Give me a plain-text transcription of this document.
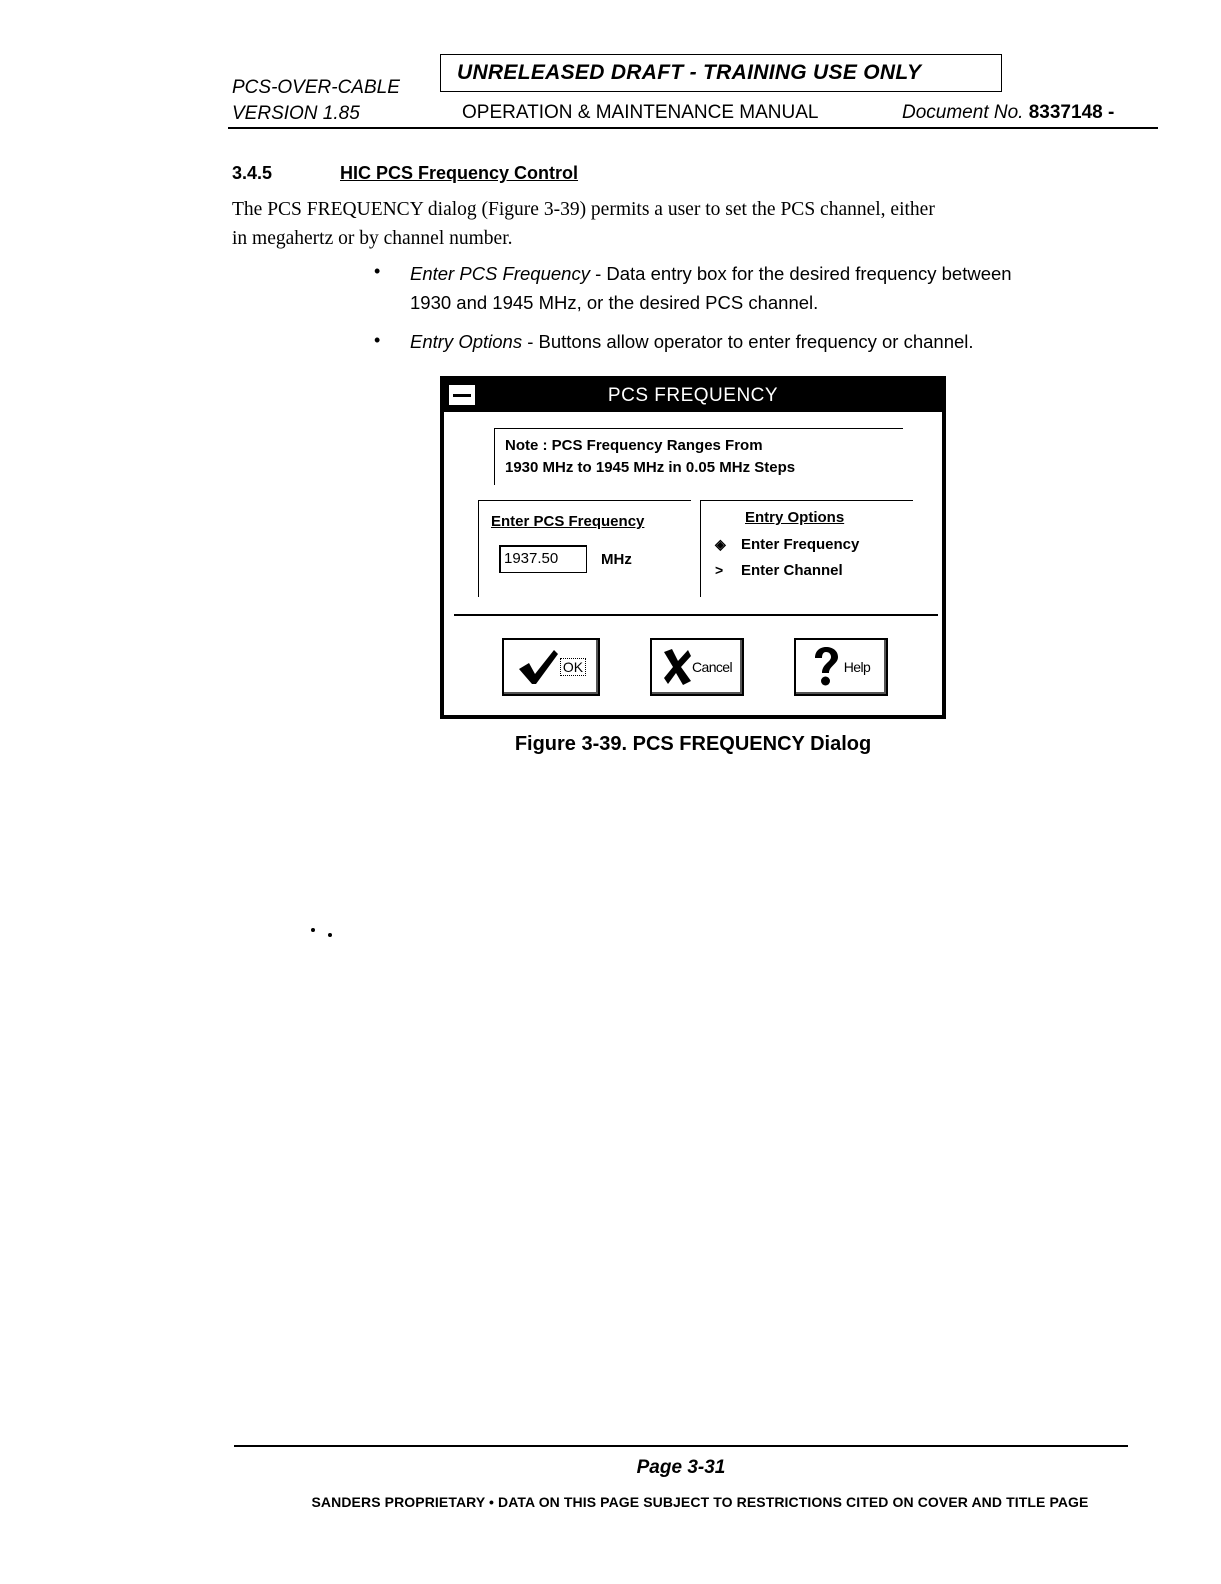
PCS-OVER-CABLE
VERSION 1.85
UNRELEASED DRAFT - TRAINING USE ONLY
OPERATION & MAINTENANCE MANUAL	Document No. 8337148 -
3.4.5	HIC PCS Frequency Control
The PCS FREQUENCY dialog (Figure 3-39) permits a user to set the PCS channel, either
in megahertz or by channel number.
• Enter PCS Frequency - Data entry box for the desired frequency between
1930 and 1945 MHz, or the desired PCS channel.
• Entry Options - Buttons allow operator to enter frequency or channel.
PCS FREQUENCY
Note : PCS Frequency Ranges From
1930 MHz to 1945 MHz in 0.05 MHz Steps
Enter PCS Frequency
1937.50	MHz
Entry Options
◈ Enter Frequency
> Enter Channel
OK	Cancel	Help
Figure 3-39. PCS FREQUENCY Dialog
Page 3-31
SANDERS PROPRIETARY • DATA ON THIS PAGE SUBJECT TO RESTRICTIONS CITED ON COVER AND TITLE PAGE
